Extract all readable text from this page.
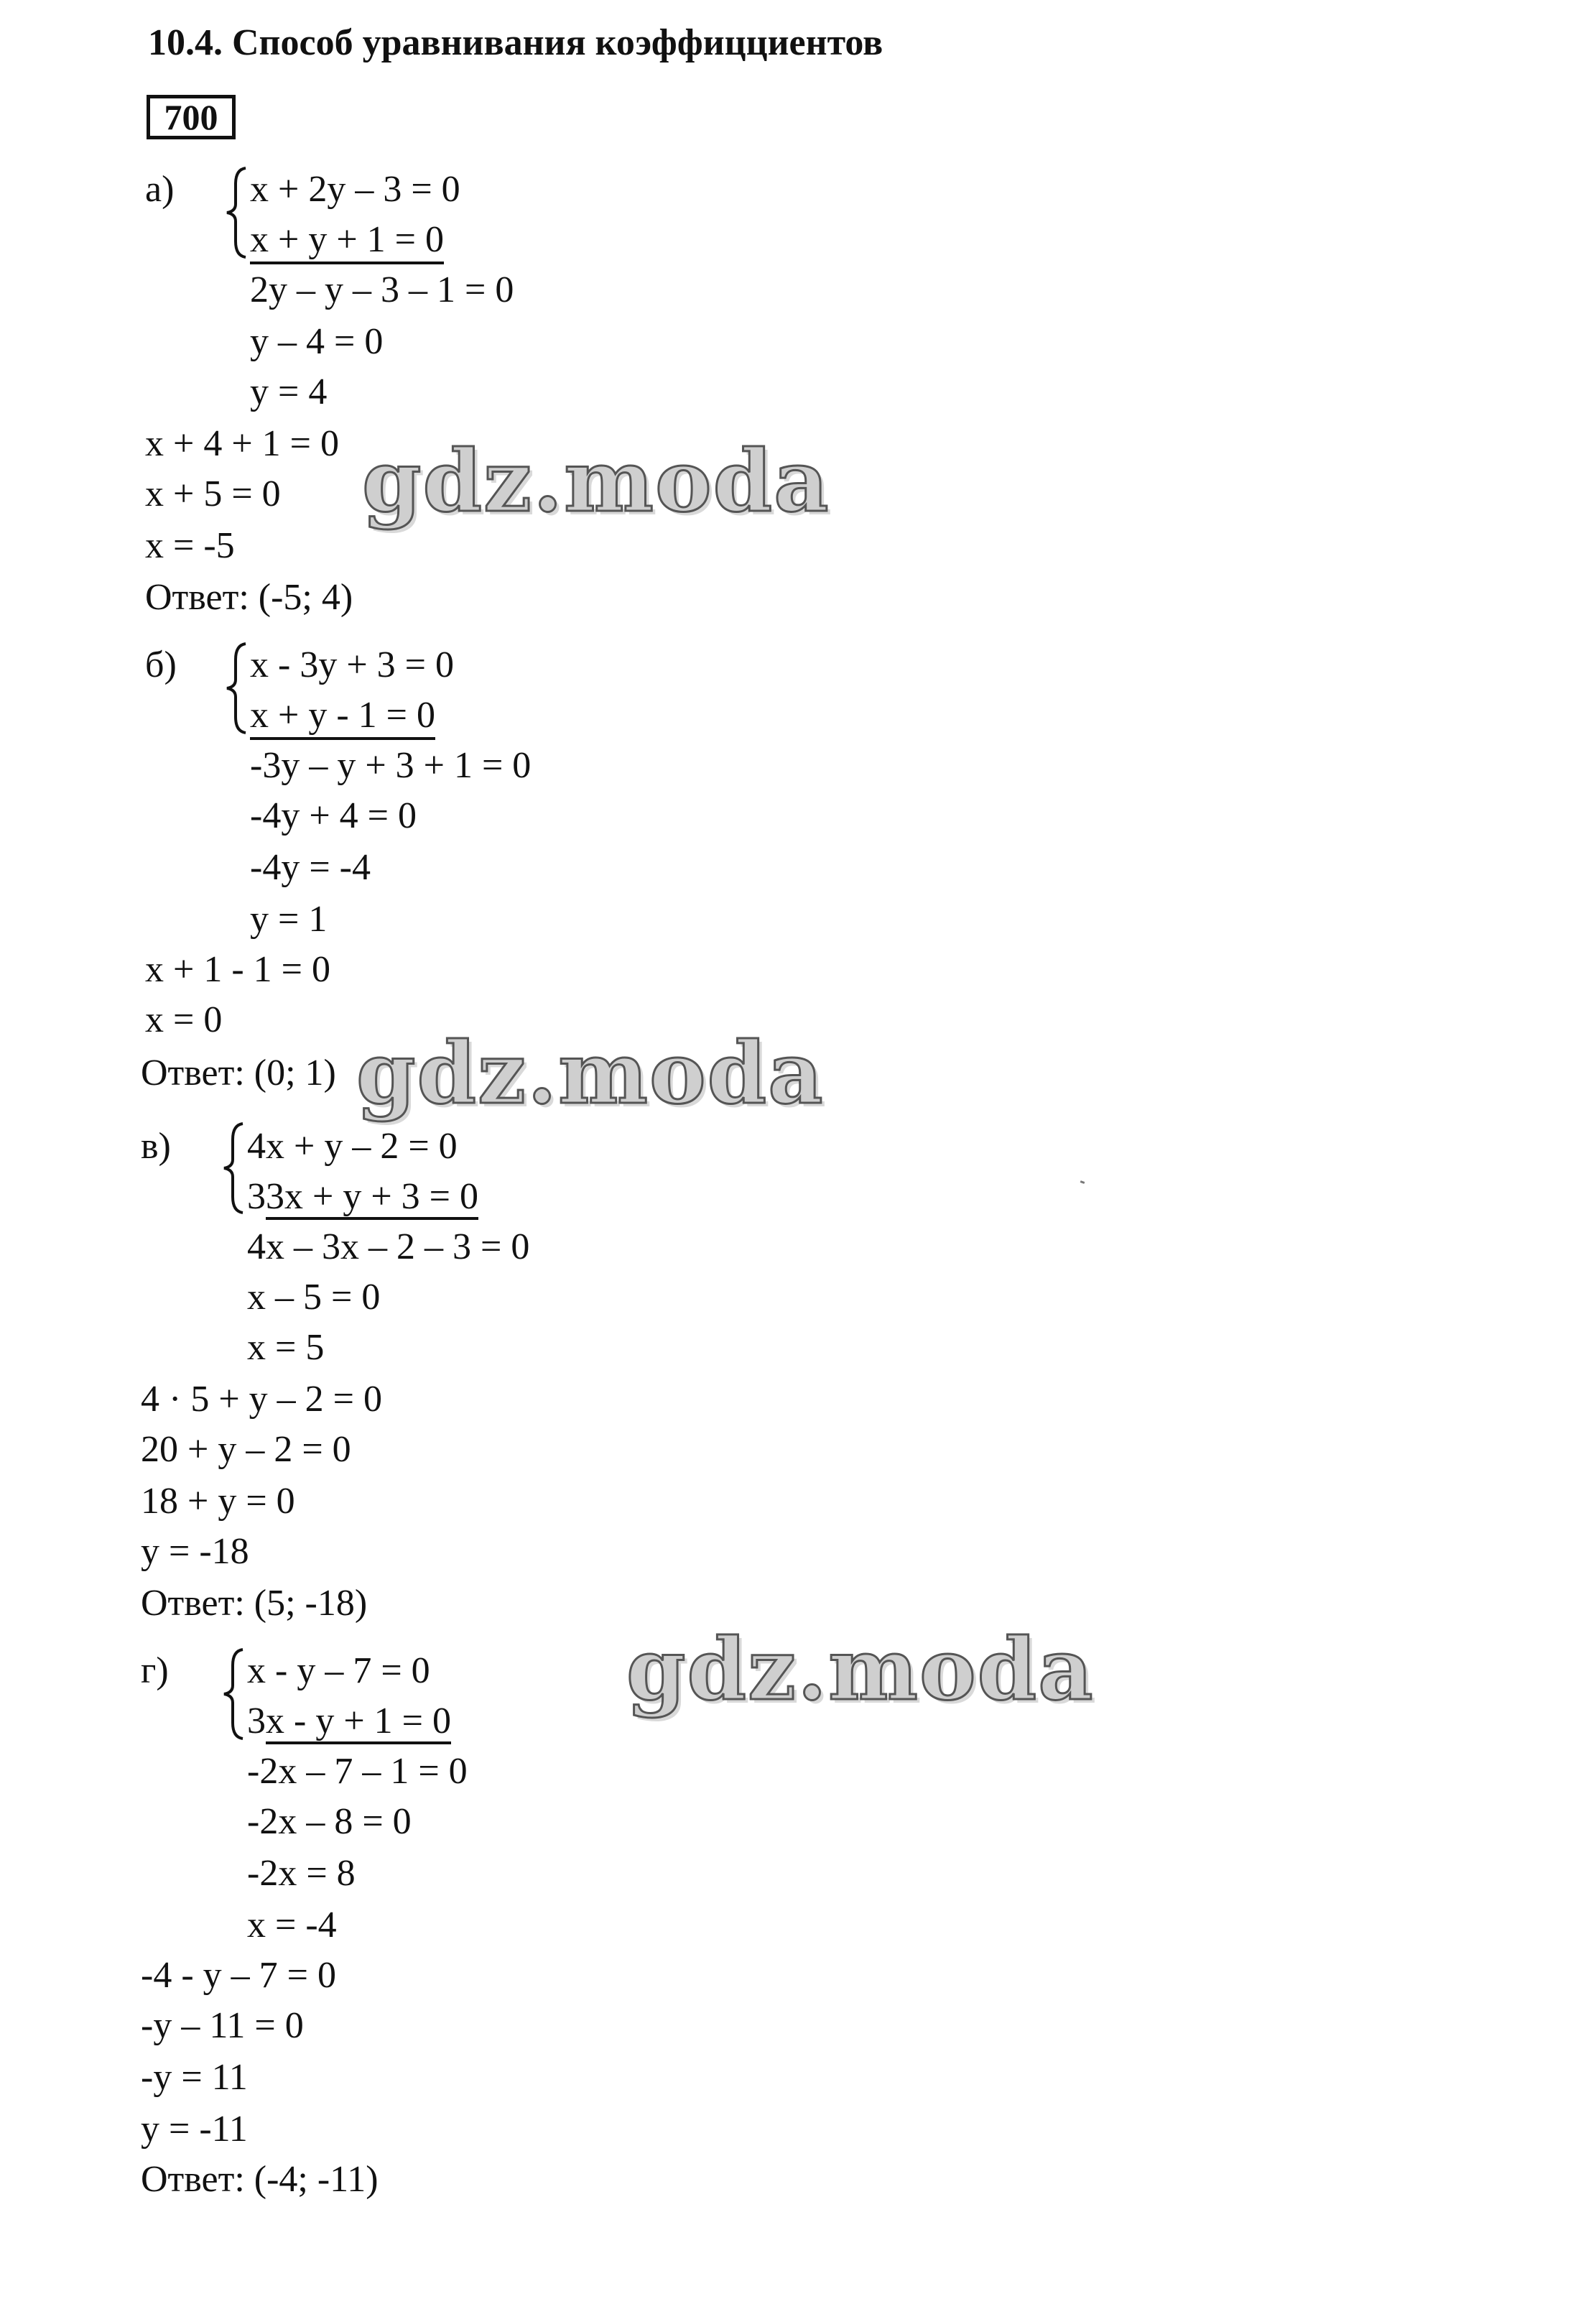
10.4. Способ уравнивания коэффицциентов
700
а) x + 2y – 3 = 0
x + y + 1 = 0
2y – y – 3 – 1 = 0
y – 4 = 0
y = 4
x + 4 + 1 = 0
x + 5 = 0
x = -5
Ответ: (-5; 4)
б) x - 3y + 3 = 0
x + y - 1 = 0
-3y – y + 3 + 1 = 0
-4y + 4 = 0
-4y = -4
y = 1
x + 1 - 1 = 0
x = 0
Ответ: (0; 1)
в) 4x + y – 2 = 0
33x + y + 3 = 0
4x – 3x – 2 – 3 = 0
x – 5 = 0
x = 5
4 · 5 + y – 2 = 0
20 + y – 2 = 0
18 + y = 0
y = -18
Ответ: (5; -18)
г) x - y – 7 = 0
3x - y + 1 = 0
-2x – 7 – 1 = 0
-2x – 8 = 0
-2x = 8
x = -4
-4 - y – 7 = 0
-y – 11 = 0
-y = 11
y = -11
Ответ: (-4; -11)
gdz.moda
gdz.moda
gdz.moda
